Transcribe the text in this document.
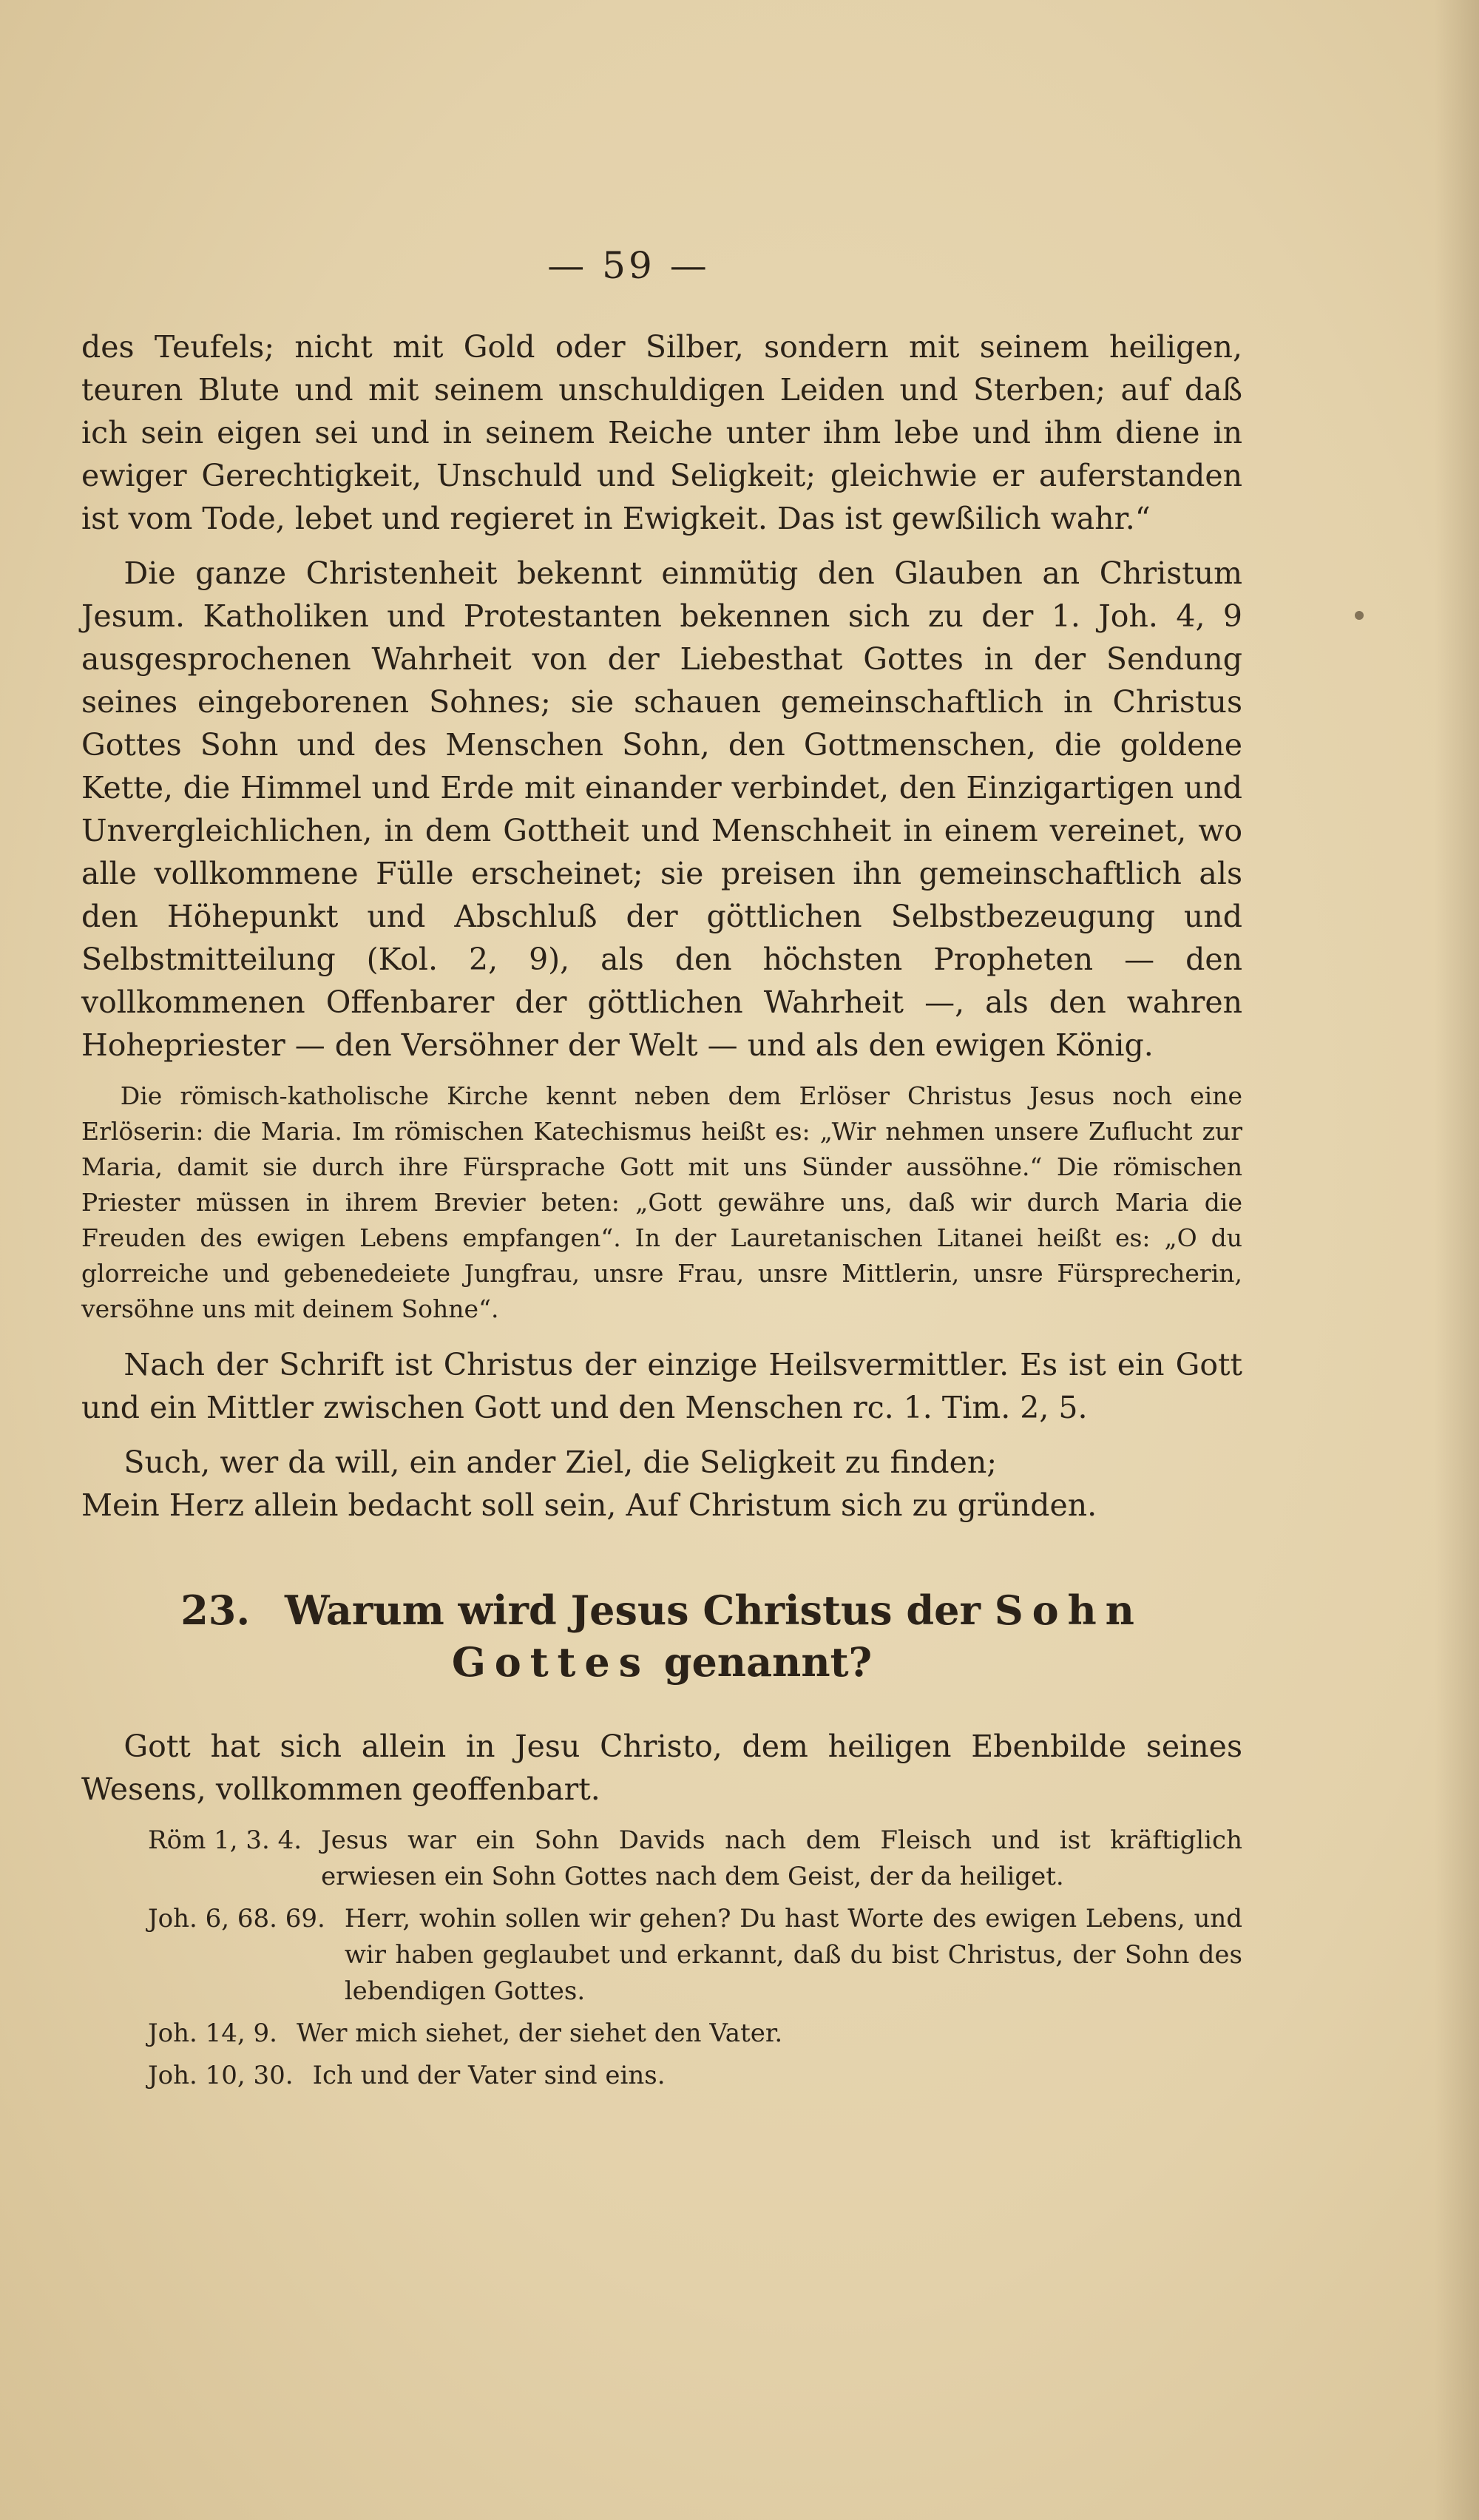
— 59 —

des Teufels; nicht mit Gold oder Silber, sondern mit seinem heiligen, teuren Blute und mit seinem unschuldigen Leiden und Sterben; auf daß ich sein eigen sei und in seinem Reiche unter ihm lebe und ihm diene in ewiger Gerechtigkeit, Unschuld und Seligkeit; gleichwie er auferstanden ist vom Tode, lebet und regieret in Ewigkeit. Das ist gewßilich wahr.“

Die ganze Christenheit bekennt einmütig den Glauben an Christum Jesum. Katholiken und Protestanten bekennen sich zu der 1. Joh. 4, 9 ausgesprochenen Wahrheit von der Liebesthat Gottes in der Sendung seines eingeborenen Sohnes; sie schauen gemeinschaftlich in Christus Gottes Sohn und des Menschen Sohn, den Gottmenschen, die goldene Kette, die Himmel und Erde mit einander verbindet, den Einzigartigen und Unvergleichlichen, in dem Gottheit und Menschheit in einem vereinet, wo alle vollkommene Fülle erscheinet; sie preisen ihn gemeinschaftlich als den Höhepunkt und Abschluß der göttlichen Selbstbezeugung und Selbstmitteilung (Kol. 2, 9), als den höchsten Propheten — den vollkommenen Offenbarer der göttlichen Wahrheit —, als den wahren Hohepriester — den Versöhner der Welt — und als den ewigen König.

Die römisch-katholische Kirche kennt neben dem Erlöser Christus Jesus noch eine Erlöserin: die Maria. Im römischen Katechismus heißt es: „Wir nehmen unsere Zuflucht zur Maria, damit sie durch ihre Fürsprache Gott mit uns Sünder aussöhne.“ Die römischen Priester müssen in ihrem Brevier beten: „Gott gewähre uns, daß wir durch Maria die Freuden des ewigen Lebens empfangen“. In der Lauretanischen Litanei heißt es: „O du glorreiche und gebenedeiete Jungfrau, unsre Frau, unsre Mittlerin, unsre Fürsprecherin, versöhne uns mit deinem Sohne“.

Nach der Schrift ist Christus der einzige Heilsvermittler. Es ist ein Gott und ein Mittler zwischen Gott und den Menschen rc. 1. Tim. 2, 5.

Such, wer da will, ein ander Ziel, die Seligkeit zu finden;

Mein Herz allein bedacht soll sein, Auf Christum sich zu gründen.

23. Warum wird Jesus Christus der Sohn
Gottes genannt?

Gott hat sich allein in Jesu Christo, dem heiligen Ebenbilde seines Wesens, vollkommen geoffenbart.

Röm 1, 3. 4. Jesus war ein Sohn Davids nach dem Fleisch und ist kräftiglich erwiesen ein Sohn Gottes nach dem Geist, der da heiliget.
Joh. 6, 68. 69. Herr, wohin sollen wir gehen? Du hast Worte des ewigen Lebens, und wir haben geglaubet und erkannt, daß du bist Christus, der Sohn des lebendigen Gottes.
Joh. 14, 9. Wer mich siehet, der siehet den Vater.
Joh. 10, 30. Ich und der Vater sind eins.
